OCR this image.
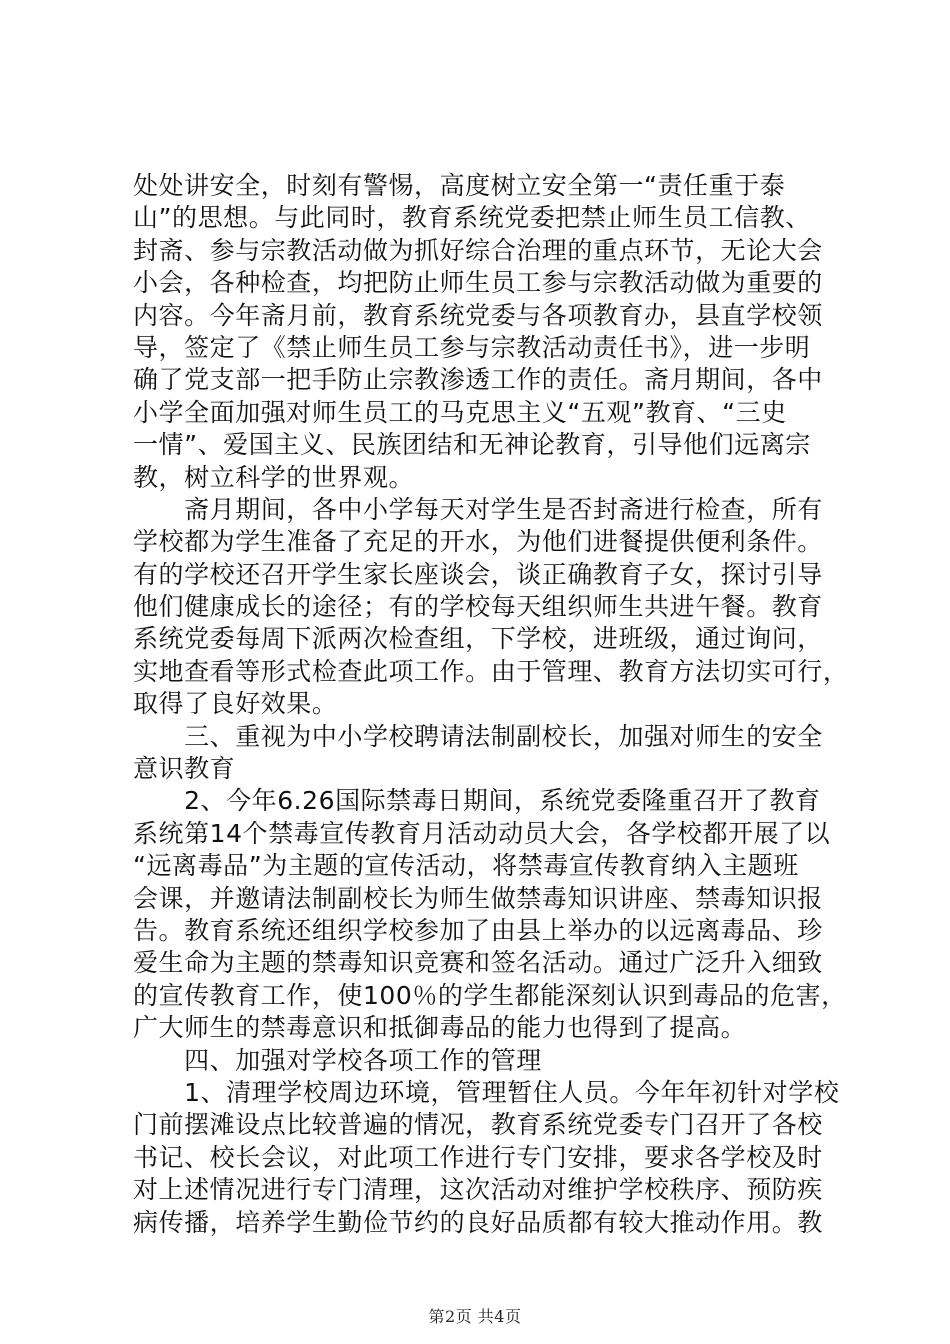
处处讲安全，时刻有警惕，高度树立安全第一“责任重于泰
山”的思想。与此同时，教育系统党委把禁止师生员工信教、
封斋、参与宗教活动做为抓好综合治理的重点环节，无论大会
小会，各种检查，均把防止师生员工参与宗教活动做为重要的
内容。今年斋月前，教育系统党委与各项教育办，县直学校领
导，签定了《禁止师生员工参与宗教活动责任书》，进一步明
确了党支部一把手防止宗教渗透工作的责任。斋月期间，各中
小学全面加强对师生员工的马克思主义“五观”教育、“三史
一情”、爱国主义、民族团结和无神论教育，引导他们远离宗
教，树立科学的世界观。
　　斋月期间，各中小学每天对学生是否封斋进行检查，所有
学校都为学生准备了充足的开水，为他们进餐提供便利条件。
有的学校还召开学生家长座谈会，谈正确教育子女，探讨引导
他们健康成长的途径；有的学校每天组织师生共进午餐。教育
系统党委每周下派两次检查组，下学校，进班级，通过询问，
实地查看等形式检查此项工作。由于管理、教育方法切实可行，
取得了良好效果。
　　三、重视为中小学校聘请法制副校长，加强对师生的安全
意识教育
　　2、今年6.26国际禁毒日期间，系统党委隆重召开了教育
系统第14个禁毒宣传教育月活动动员大会，各学校都开展了以
“远离毒品”为主题的宣传活动，将禁毒宣传教育纳入主题班
会课，并邀请法制副校长为师生做禁毒知识讲座、禁毒知识报
告。教育系统还组织学校参加了由县上举办的以远离毒品、珍
爱生命为主题的禁毒知识竞赛和签名活动。通过广泛升入细致
的宣传教育工作，使100％的学生都能深刻认识到毒品的危害，
广大师生的禁毒意识和抵御毒品的能力也得到了提高。
　　四、加强对学校各项工作的管理
　　1、清理学校周边环境，管理暂住人员。今年年初针对学校
门前摆滩设点比较普遍的情况，教育系统党委专门召开了各校
书记、校长会议，对此项工作进行专门安排，要求各学校及时
对上述情况进行专门清理，这次活动对维护学校秩序、预防疾
病传播，培养学生勤俭节约的良好品质都有较大推动作用。教
第2页 共4页
